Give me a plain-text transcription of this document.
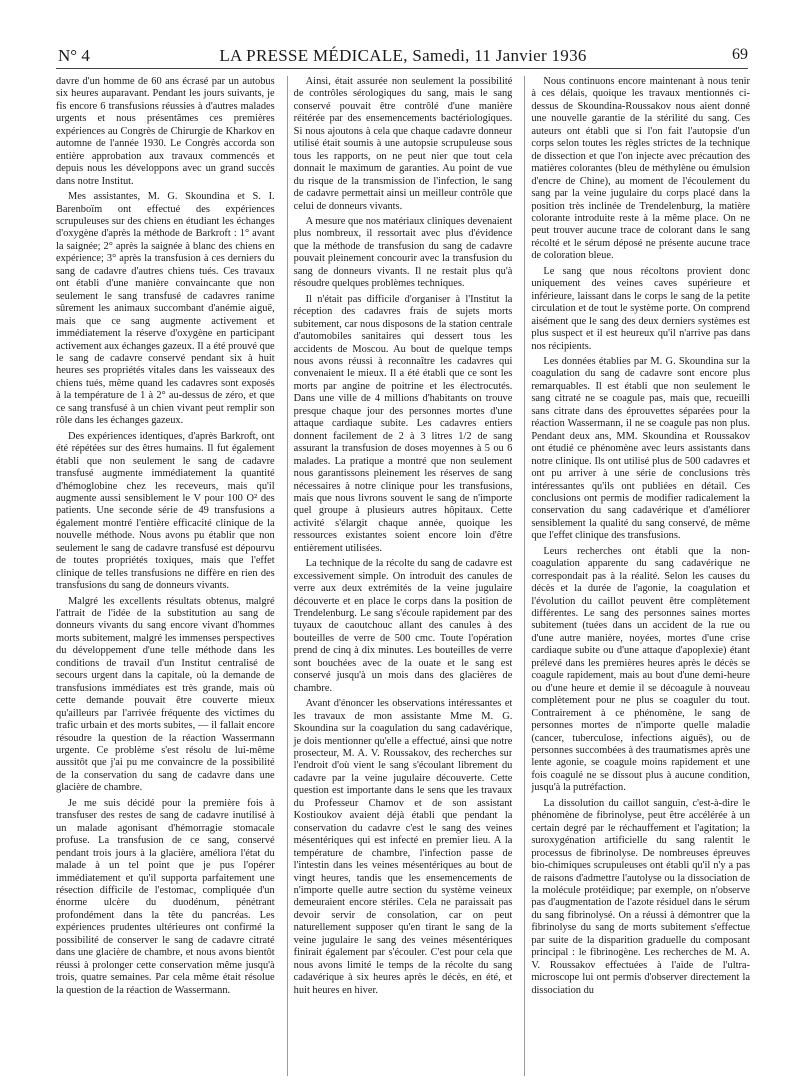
N° 4	LA PRESSE MÉDICALE, Samedi, 11 Janvier 1936	69

davre d'un homme de 60 ans écrasé par un autobus six heures auparavant. Pendant les jours suivants, je fis encore 6 transfusions réussies à d'autres malades urgents et nous présentâmes ces premières expériences au Congrès de Chirurgie de Kharkov en automne de l'année 1930. Le Congrès accorda son entière approbation aux travaux commencés et depuis nous les développons avec un grand succès dans notre Institut.

Mes assistantes, M. G. Skoundina et S. I. Barenboïm ont effectué des expériences scrupuleuses sur des chiens en étudiant les échanges d'oxygène d'après la méthode de Barkroft : 1° avant la saignée; 2° après la saignée à blanc des chiens en expérience; 3° après la transfusion à ces derniers du sang de cadavre d'autres chiens tués. Ces travaux ont établi d'une manière convaincante que non seulement le sang transfusé de cadavres ranime sûrement les animaux succombant d'anémie aiguë, mais que ce sang augmente activement et immédiatement la réserve d'oxygène en participant activement aux échanges gazeux. Il a été prouvé que le sang de cadavre conservé pendant six à huit heures ses propriétés vitales dans les vaisseaux des chiens tués, même quand les cadavres sont exposés à la température de 1 à 2° au-dessus de zéro, et que ce sang transfusé à un chien vivant peut remplir son rôle dans les échanges gazeux.

Des expériences identiques, d'après Barkroft, ont été répétées sur des êtres humains. Il fut également établi que non seulement le sang de cadavre transfusé augmente immédiatement la quantité d'hémoglobine chez les receveurs, mais qu'il augmente aussi sensiblement le V pour 100 O² des patients. Une seconde série de 49 transfusions a également montré l'entière efficacité clinique de la nouvelle méthode. Nous avons pu établir que non seulement le sang de cadavre transfusé est dépourvu de toutes propriétés toxiques, mais que l'effet clinique de telles transfusions ne diffère en rien des transfusions du sang de donneurs vivants.

Malgré les excellents résultats obtenus, malgré l'attrait de l'idée de la substitution au sang de donneurs vivants du sang encore vivant d'hommes morts subitement, malgré les immenses perspectives du développement d'une telle méthode dans les conditions de travail d'un Institut centralisé de secours urgent dans la capitale, où la demande de transfusions immédiates est très grande, mais où cette demande pouvait être couverte mieux qu'ailleurs par l'arrivée fréquente des victimes du trafic urbain et des morts subites, — il fallait encore résoudre la question de la réaction Wassermann urgente. Ce problème s'est résolu de lui-même aussitôt que j'ai pu me convaincre de la possibilité de la conservation du sang de cadavre dans une glacière de chambre.

Je me suis décidé pour la première fois à transfuser des restes de sang de cadavre inutilisé à un malade agonisant d'hémorragie stomacale profuse. La transfusion de ce sang, conservé pendant trois jours à la glacière, améliora l'état du malade à un tel point que je pus l'opérer immédiatement et qu'il supporta parfaitement une résection difficile de l'estomac, compliquée d'un énorme ulcère du duodénum, pénétrant profondément dans la tête du pancréas. Les expériences prudentes ultérieures ont confirmé la possibilité de conserver le sang de cadavre citraté dans une glacière de chambre, et nous avons bientôt réussi à prolonger cette conservation même jusqu'à trois, quatre semaines. Par cela même était résolue la question de la réaction de Wassermann.

Ainsi, était assurée non seulement la possibilité de contrôles sérologiques du sang, mais le sang conservé pouvait être contrôlé d'une manière réitérée par des ensemencements bactériologiques. Si nous ajoutons à cela que chaque cadavre donneur utilisé était soumis à une autopsie scrupuleuse sous tous les rapports, on ne peut nier que tout cela donnait le maximum de garanties. Au point de vue du risque de la transmission de l'infection, le sang de cadavre permettait ainsi un meilleur contrôle que celui de donneurs vivants.

A mesure que nos matériaux cliniques devenaient plus nombreux, il ressortait avec plus d'évidence que la méthode de transfusion du sang de cadavre pouvait pleinement concourir avec la transfusion du sang de donneurs vivants. Il ne restait plus qu'à résoudre quelques problèmes techniques.

Il n'était pas difficile d'organiser à l'Institut la réception des cadavres frais de sujets morts subitement, car nous disposons de la station centrale d'automobiles sanitaires qui dessert tous les accidents de Moscou. Au bout de quelque temps nous avons réussi à reconnaître les cadavres qui convenaient le mieux. Il a été établi que ce sont les morts par angine de poitrine et les électrocutés. Dans une ville de 4 millions d'habitants on trouve presque chaque jour des personnes mortes d'une attaque cardiaque subite. Les cadavres entiers donnent facilement de 2 à 3 litres 1/2 de sang assurant la transfusion de doses moyennes à 5 ou 6 malades. La pratique a montré que non seulement nous garantissons pleinement les réserves de sang nécessaires à notre clinique pour les transfusions, mais que nous livrons souvent le sang de n'importe quel groupe à plusieurs autres hôpitaux. Cette activité s'élargit chaque année, quoique les ressources existantes soient encore loin d'être entièrement utilisées.

La technique de la récolte du sang de cadavre est excessivement simple. On introduit des canules de verre aux deux extrémités de la veine jugulaire découverte et en place le corps dans la position de Trendelenburg. Le sang s'écoule rapidement par des tuyaux de caoutchouc allant des canules à des bouteilles de verre de 500 cmc. Toute l'opération prend de cinq à dix minutes. Les bouteilles de verre sont bouchées avec de la ouate et le sang est conservé jusqu'à un mois dans des glacières de chambre.

Avant d'énoncer les observations intéressantes et les travaux de mon assistante Mme M. G. Skoundina sur la coagulation du sang cadavérique, je dois mentionner qu'elle a effectué, ainsi que notre prosecteur, M. A. V. Roussakov, des recherches sur l'endroit d'où vient le sang s'écoulant librement du cadavre par la veine jugulaire découverte. Cette question est importante dans le sens que les travaux du Professeur Chamov et de son assistant Kostioukov avaient déjà établi que pendant la conservation du cadavre c'est le sang des veines mésentériques qui est infecté en premier lieu. A la température de chambre, l'infection passe de l'intestin dans les veines mésentériques au bout de vingt heures, tandis que les ensemencements de n'importe quelle autre section du système veineux demeuraient encore stériles. Cela ne paraissait pas devoir servir de consolation, car on peut naturellement supposer qu'en tirant le sang de la veine jugulaire le sang des veines mésentériques finirait également par s'écouler. C'est pour cela que nous avons limité le temps de la récolte du sang cadavérique à six heures après le décès, en été, et huit heures en hiver.

Nous continuons encore maintenant à nous tenir à ces délais, quoique les travaux mentionnés ci-dessus de Skoundina-Roussakov nous aient donné une nouvelle garantie de la stérilité du sang. Ces auteurs ont établi que si l'on fait l'autopsie d'un corps selon toutes les règles strictes de la technique de dissection et que l'on injecte avec précaution des matières colorantes (bleu de méthylène ou émulsion d'encre de Chine), au moment de l'écoulement du sang par la veine jugulaire du corps placé dans la position très inclinée de Trendelenburg, la matière colorante introduite reste à la même place. On ne peut trouver aucune trace de colorant dans le sang récolté et le sérum déposé ne présente aucune trace de coloration bleue.

Le sang que nous récoltons provient donc uniquement des veines caves supérieure et inférieure, laissant dans le corps le sang de la petite circulation et de tout le système porte. On comprend aisément que le sang des deux derniers systèmes est plus suspect et il est heureux qu'il n'arrive pas dans nos récipients.

Les données établies par M. G. Skoundina sur la coagulation du sang de cadavre sont encore plus remarquables. Il est établi que non seulement le sang citraté ne se coagule pas, mais que, recueilli sans citrate dans des éprouvettes séparées pour la réaction Wassermann, il ne se coagule pas non plus. Pendant deux ans, MM. Skoundina et Roussakov ont étudié ce phénomène avec leurs assistants dans notre clinique. Ils ont utilisé plus de 500 cadavres et ont pu arriver à une série de conclusions très intéressantes qu'ils ont publiées en détail. Ces conclusions ont permis de modifier radicalement la conservation du sang cadavérique et d'améliorer sensiblement la qualité du sang conservé, de même que l'effet clinique des transfusions.

Leurs recherches ont établi que la non-coagulation apparente du sang cadavérique ne correspondait pas à la réalité. Selon les causes du décès et la durée de l'agonie, la coagulation et l'évolution du caillot peuvent être complètement différentes. Le sang des personnes saines mortes subitement (tuées dans un accident de la rue ou d'une autre manière, noyées, mortes d'une crise cardiaque subite ou d'une attaque d'apoplexie) étant prélevé dans les premières heures après le décès se coagule rapidement, mais au bout d'une demi-heure ou d'une heure et demie il se décoagule à nouveau complètement pour ne plus se coaguler du tout. Contrairement à ce phénomène, le sang de personnes mortes de n'importe quelle maladie (cancer, tuberculose, infections aiguës), ou de personnes succombées à des traumatismes après une lente agonie, se coagule moins rapidement et une fois coagulé ne se dissout plus à aucune condition, jusqu'à la putréfaction.

La dissolution du caillot sanguin, c'est-à-dire le phénomène de fibrinolyse, peut être accélérée à un certain degré par le réchauffement et l'agitation; la suroxygénation artificielle du sang ralentit le processus de fibrinolyse. De nombreuses épreuves bio-chimiques scrupuleuses ont établi qu'il n'y a pas de raisons d'admettre l'autolyse ou la dissociation de la molécule protéidique; par exemple, on n'observe pas d'augmentation de l'azote résiduel dans le sérum du sang fibrinolysé. On a réussi à démontrer que la fibrinolyse du sang de morts subitement s'effectue par suite de la disparition graduelle du composant principal : le fibrinogène. Les recherches de M. A. V. Roussakov effectuées à l'aide de l'ultra-microscope lui ont permis d'observer directement la dissociation du
